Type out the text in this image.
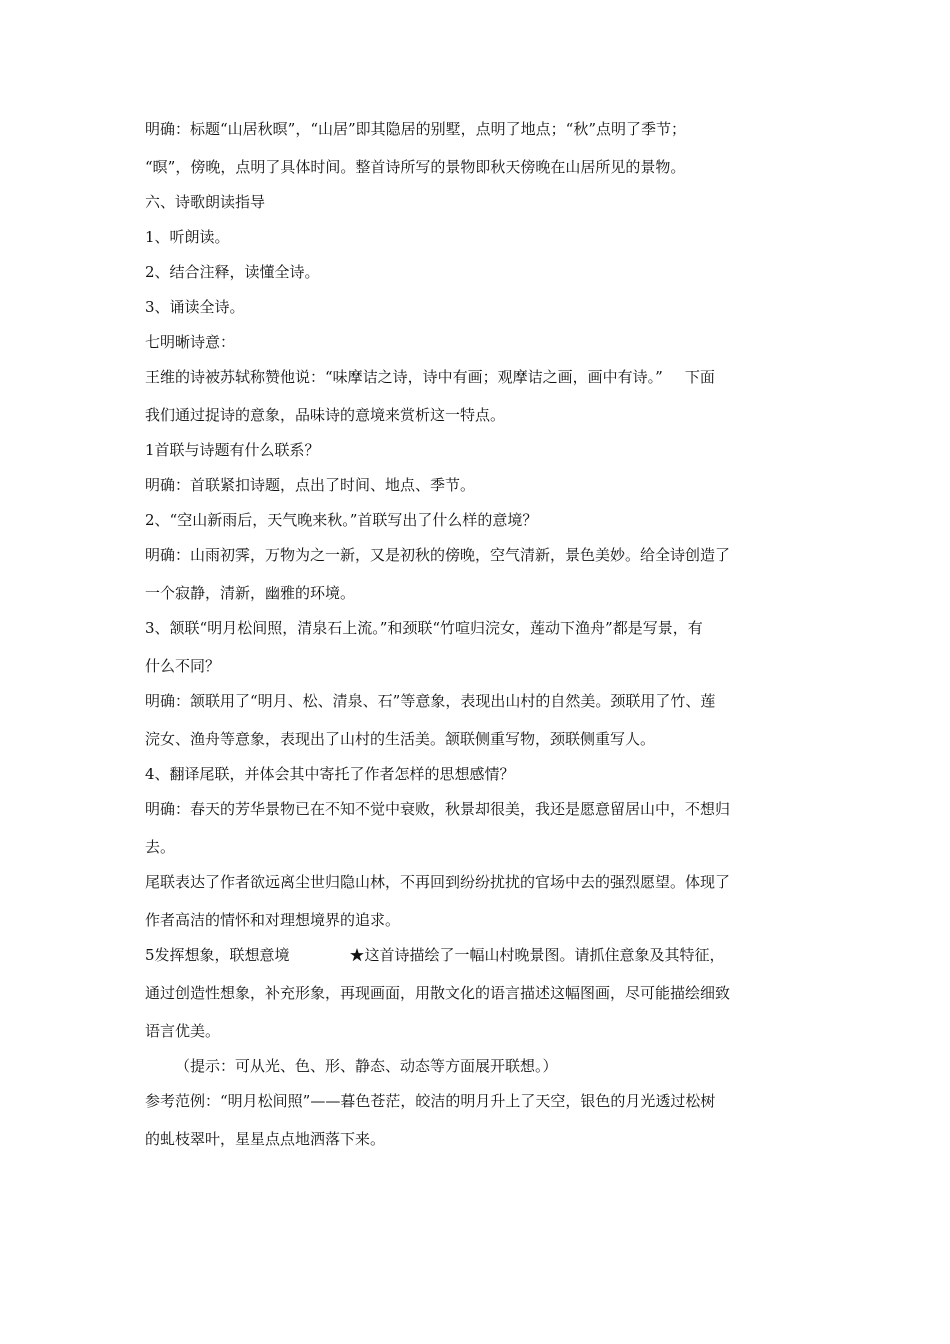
明确：标题“山居秋暝”，“山居”即其隐居的别墅，点明了地点；“秋”点明了季节；

“暝”，傍晚，点明了具体时间。整首诗所写的景物即秋天傍晚在山居所见的景物。

六、诗歌朗读指导

1、听朗读。

2、结合注释，读懂全诗。

3、诵读全诗。

七明晰诗意：

王维的诗被苏轼称赞他说：“味摩诘之诗，诗中有画；观摩诘之画，画中有诗。” 下面

我们通过捉诗的意象，品味诗的意境来赏析这一特点。

1首联与诗题有什么联系？

明确：首联紧扣诗题，点出了时间、地点、季节。

2、“空山新雨后，天气晚来秋。”首联写出了什么样的意境？

明确：山雨初霁，万物为之一新，又是初秋的傍晚，空气清新，景色美妙。给全诗创造了

一个寂静，清新，幽雅的环境。

3、颔联“明月松间照，清泉石上流。”和颈联“竹喧归浣女，莲动下渔舟”都是写景，有

什么不同？

明确：颔联用了“明月、松、清泉、石”等意象，表现出山村的自然美。颈联用了竹、莲

浣女、渔舟等意象，表现出了山村的生活美。颔联侧重写物，颈联侧重写人。

4、翻译尾联，并体会其中寄托了作者怎样的思想感情？

明确：春天的芳华景物已在不知不觉中衰败，秋景却很美，我还是愿意留居山中，不想归

去。

尾联表达了作者欲远离尘世归隐山林，不再回到纷纷扰扰的官场中去的强烈愿望。体现了

作者高洁的情怀和对理想境界的追求。

5发挥想象，联想意境	★这首诗描绘了一幅山村晚景图。请抓住意象及其特征，

通过创造性想象，补充形象，再现画面，用散文化的语言描述这幅图画，尽可能描绘细致

语言优美。

（提示：可从光、色、形、静态、动态等方面展开联想。）

参考范例：“明月松间照”——暮色苍茫，皎洁的明月升上了天空，银色的月光透过松树

的虬枝翠叶，星星点点地洒落下来。
